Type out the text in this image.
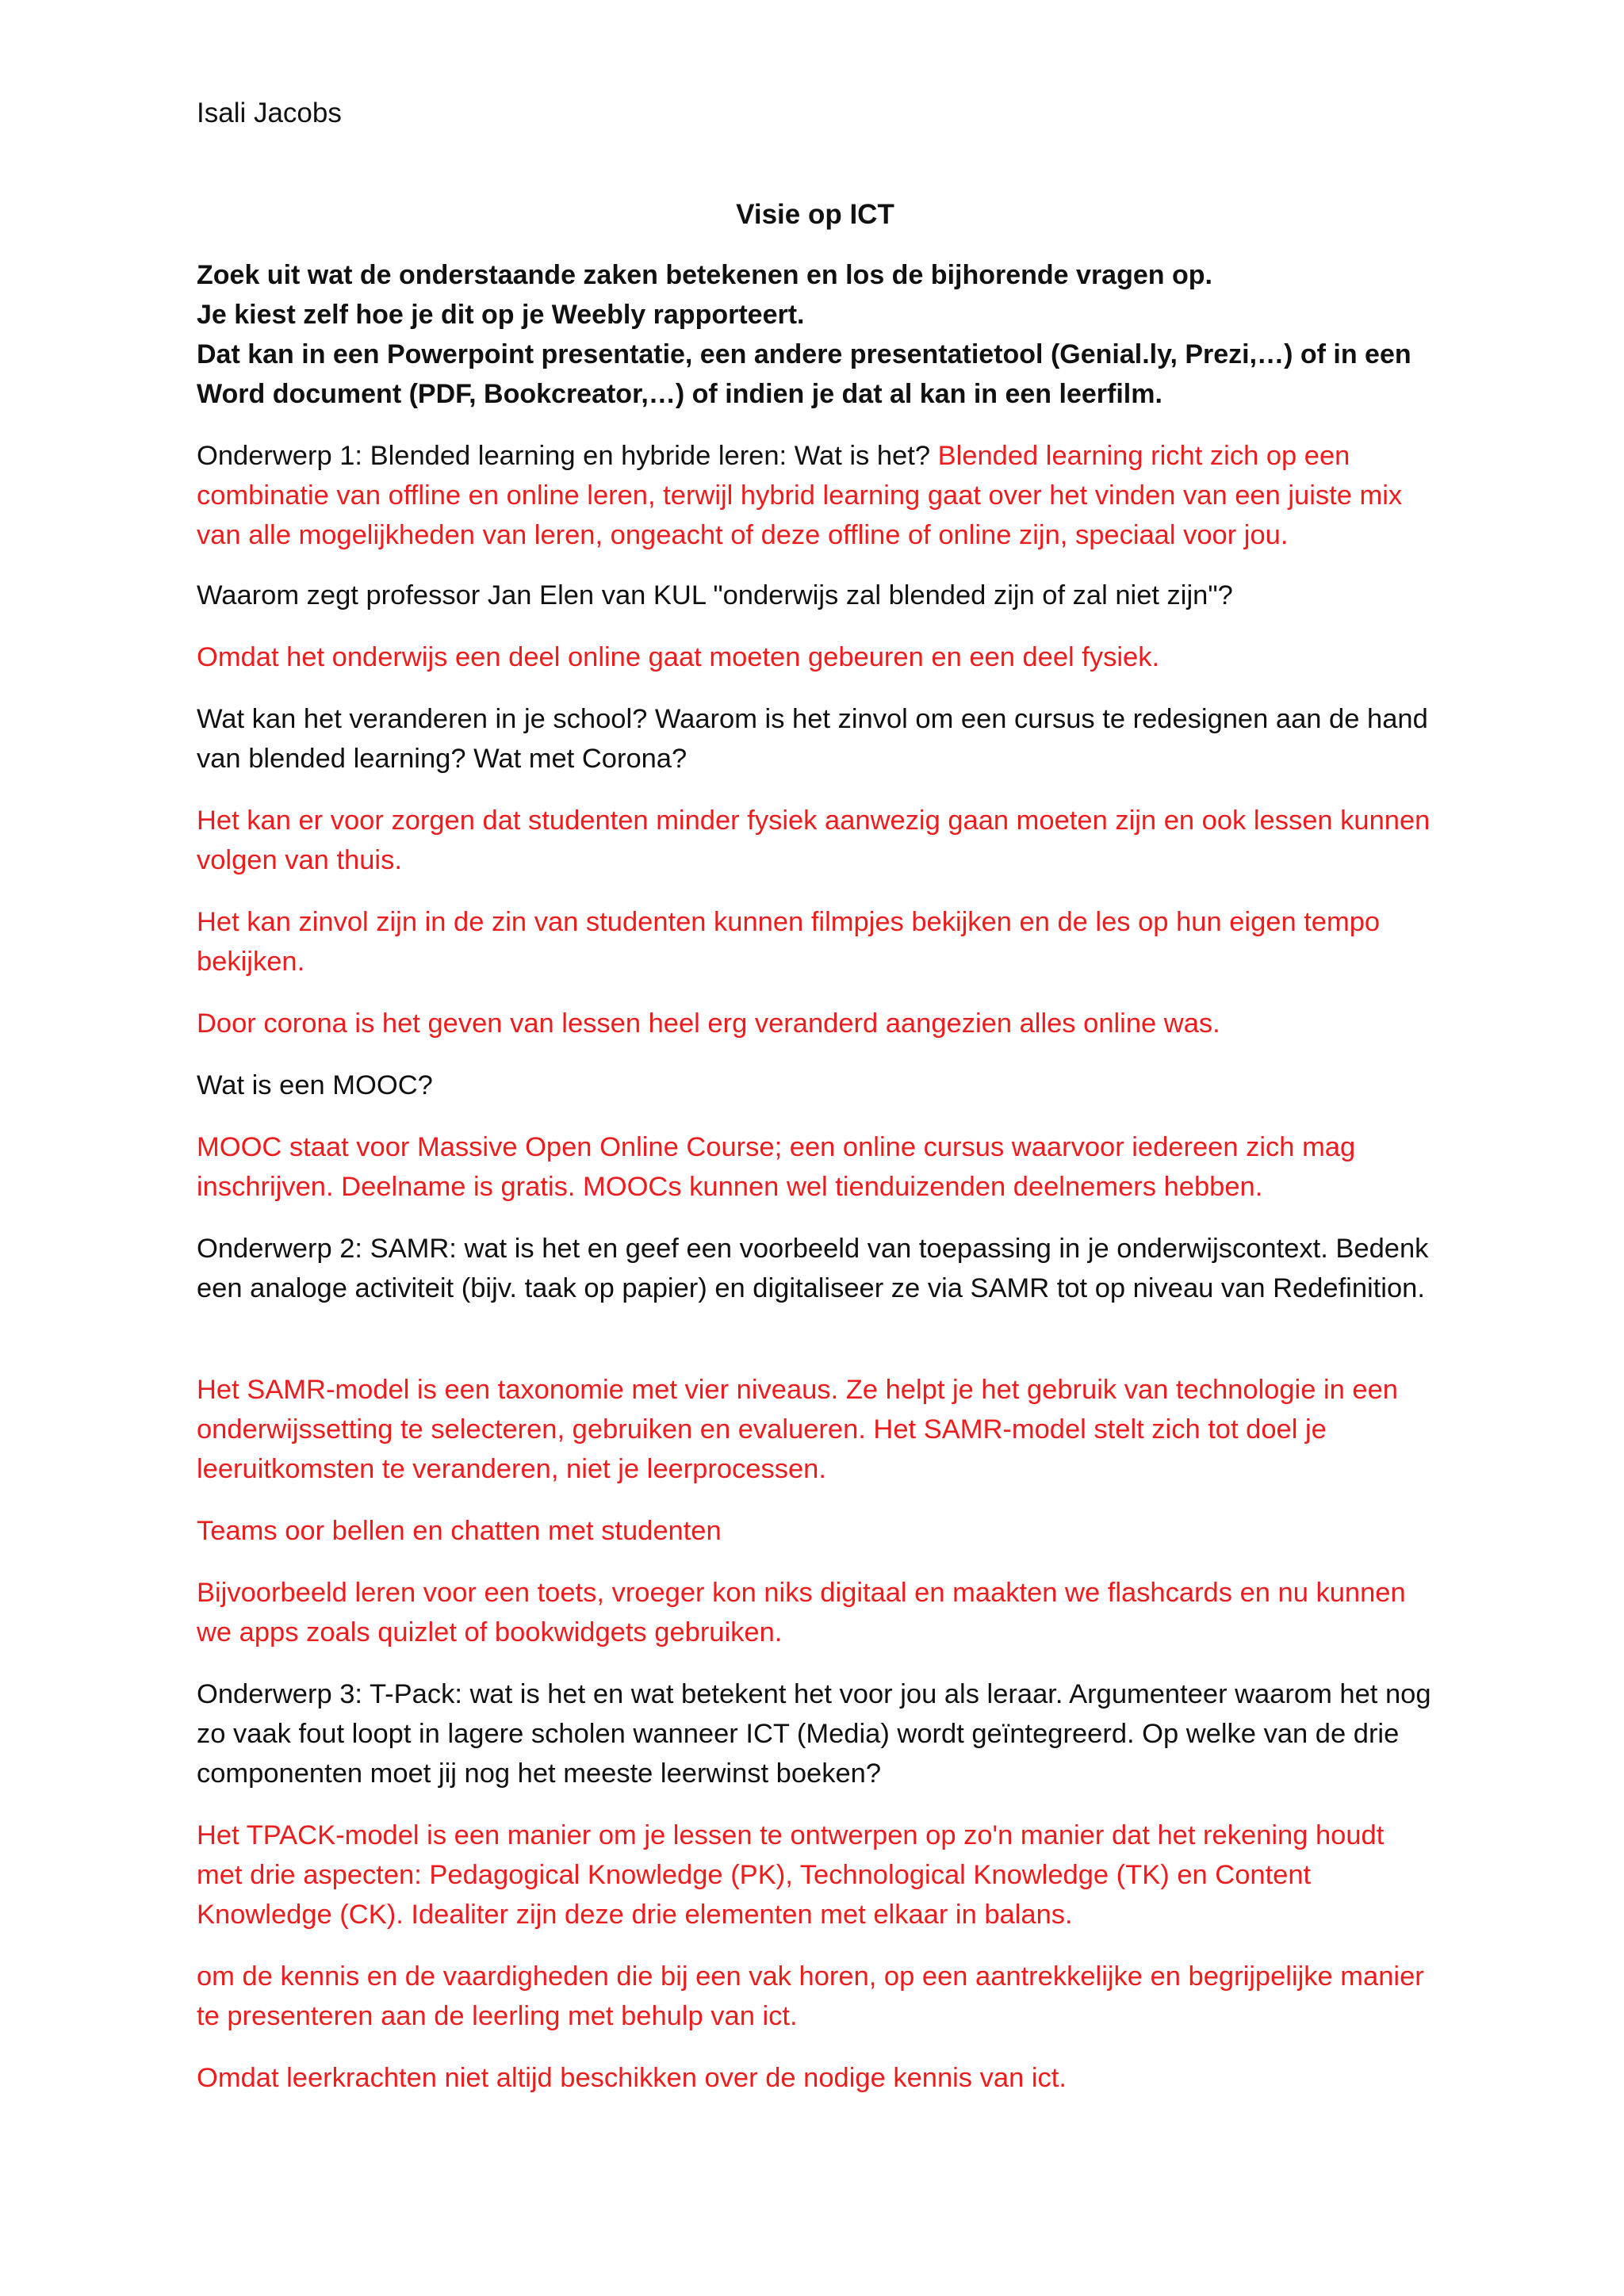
Isali Jacobs

Visie op ICT

Zoek uit wat de onderstaande zaken betekenen en los de bijhorende vragen op.
Je kiest zelf hoe je dit op je Weebly rapporteert.
Dat kan in een Powerpoint presentatie, een andere presentatietool (Genial.ly, Prezi,…) of in een Word document (PDF, Bookcreator,…) of indien je dat al kan in een leerfilm.

Onderwerp 1: Blended learning en hybride leren: Wat is het? Blended learning richt zich op een combinatie van offline en online leren, terwijl hybrid learning gaat over het vinden van een juiste mix van alle mogelijkheden van leren, ongeacht of deze offline of online zijn, speciaal voor jou.

Waarom zegt professor Jan Elen van KUL "onderwijs zal blended zijn of zal niet zijn"?

Omdat het onderwijs een deel online gaat moeten gebeuren en een deel fysiek.

Wat kan het veranderen in je school? Waarom is het zinvol om een cursus te redesignen aan de hand van blended learning? Wat met Corona?

Het kan er voor zorgen dat studenten minder fysiek aanwezig gaan moeten zijn en ook lessen kunnen volgen van thuis.

Het kan zinvol zijn in de zin van studenten kunnen filmpjes bekijken en de les op hun eigen tempo bekijken.

Door corona is het geven van lessen heel erg veranderd aangezien alles online was.

Wat is een MOOC?

MOOC staat voor Massive Open Online Course; een online cursus waarvoor iedereen zich mag inschrijven. Deelname is gratis. MOOCs kunnen wel tienduizenden deelnemers hebben.

Onderwerp 2: SAMR: wat is het en geef een voorbeeld van toepassing in je onderwijscontext. Bedenk een analoge activiteit (bijv. taak op papier) en digitaliseer ze via SAMR tot op niveau van Redefinition.

Het SAMR-model is een taxonomie met vier niveaus. Ze helpt je het gebruik van technologie in een onderwijssetting te selecteren, gebruiken en evalueren. Het SAMR-model stelt zich tot doel je leeruitkomsten te veranderen, niet je leerprocessen.

Teams oor bellen en chatten met studenten

Bijvoorbeeld leren voor een toets, vroeger kon niks digitaal en maakten we flashcards en nu kunnen we apps zoals quizlet of bookwidgets gebruiken.

Onderwerp 3: T-Pack: wat is het en wat betekent het voor jou als leraar. Argumenteer waarom het nog zo vaak fout loopt in lagere scholen wanneer ICT (Media) wordt geïntegreerd. Op welke van de drie componenten moet jij nog het meeste leerwinst boeken?

Het TPACK-model is een manier om je lessen te ontwerpen op zo'n manier dat het rekening houdt met drie aspecten: Pedagogical Knowledge (PK), Technological Knowledge (TK) en Content Knowledge (CK). Idealiter zijn deze drie elementen met elkaar in balans.

om de kennis en de vaardigheden die bij een vak horen, op een aantrekkelijke en begrijpelijke manier te presenteren aan de leerling met behulp van ict.

Omdat leerkrachten niet altijd beschikken over de nodige kennis van ict.
